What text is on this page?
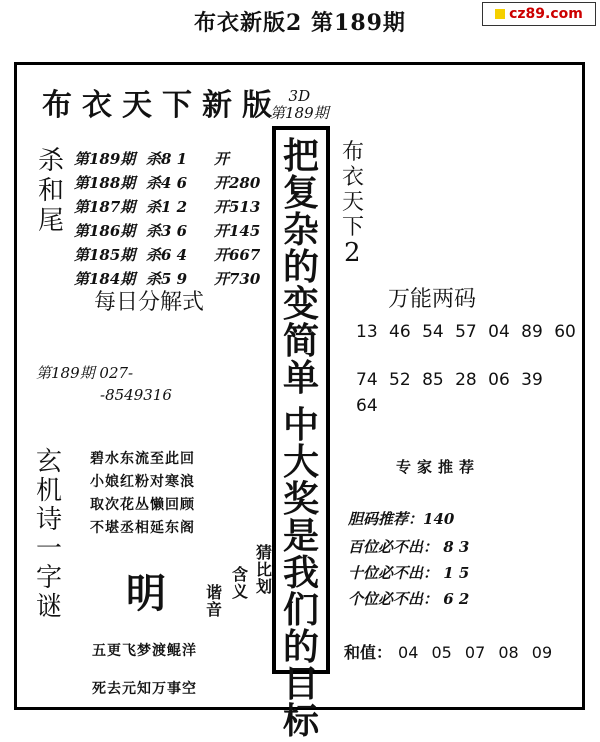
布衣新版2 第189期	cz89.com
布衣天下新版 3D
第189期
把
复
杂
的
变
简
单
中
大
奖
是
我
们
的
目
标
杀
和
尾
第189期 杀8 1	开
第188期 杀4 6	开280
第187期 杀1 2	开513
第186期 杀3 6	开145
第185期 杀6 4	开667
第184期 杀5 9	开730
每日分解式
第189期 027-
-8549316
玄
机
诗
一
字
谜
碧水东流至此回
小娘红粉对寒浪
取次花丛懒回顾
不堪丞相延东阁
明	谐
音
含
义
猜
比
划
五更飞梦渡鲲洋
死去元知万事空
布
衣
天
下
2
万能两码
13 46 54 57 04 89 60
74 52 85 28 06 39
64
专家推荐
胆码推荐：140
百位必不出： 8 3
十位必不出： 1 5
个位必不出： 6 2
和值： 04 05 07 08 09
